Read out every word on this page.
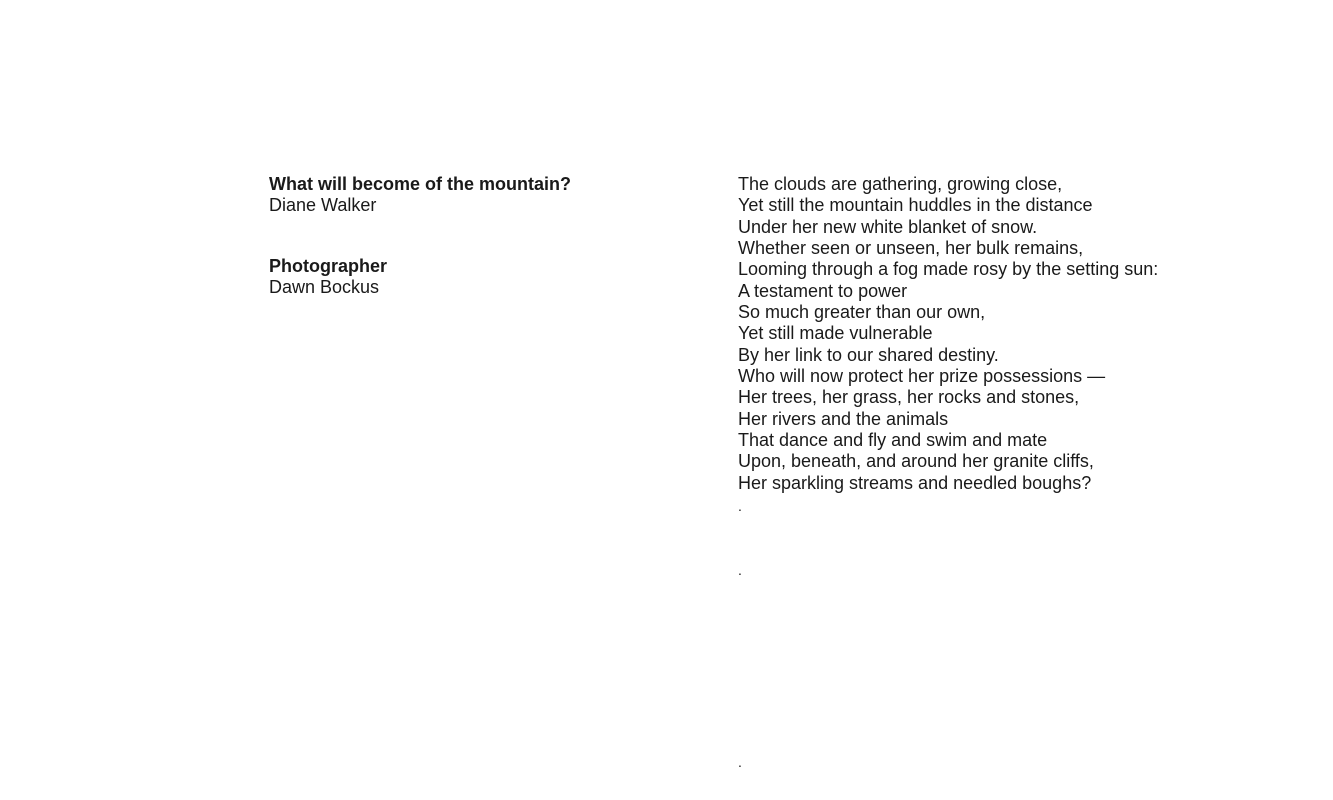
What will become of the mountain?

Diane Walker

Photographer

Dawn Bockus

The clouds are gathering, growing close,

Yet still the mountain huddles in the distance

Under her new white blanket of snow.

Whether seen or unseen, her bulk remains,

Looming through a fog made rosy by the setting sun:

A testament to power

So much greater than our own,

Yet still made vulnerable

By her link to our shared destiny.

Who will now protect her prize possessions —

Her trees, her grass, her rocks and stones,

Her rivers and the animals

That dance and fly and swim and mate

Upon, beneath, and around her granite cliffs,

Her sparkling streams and needled boughs?

.

.

.
